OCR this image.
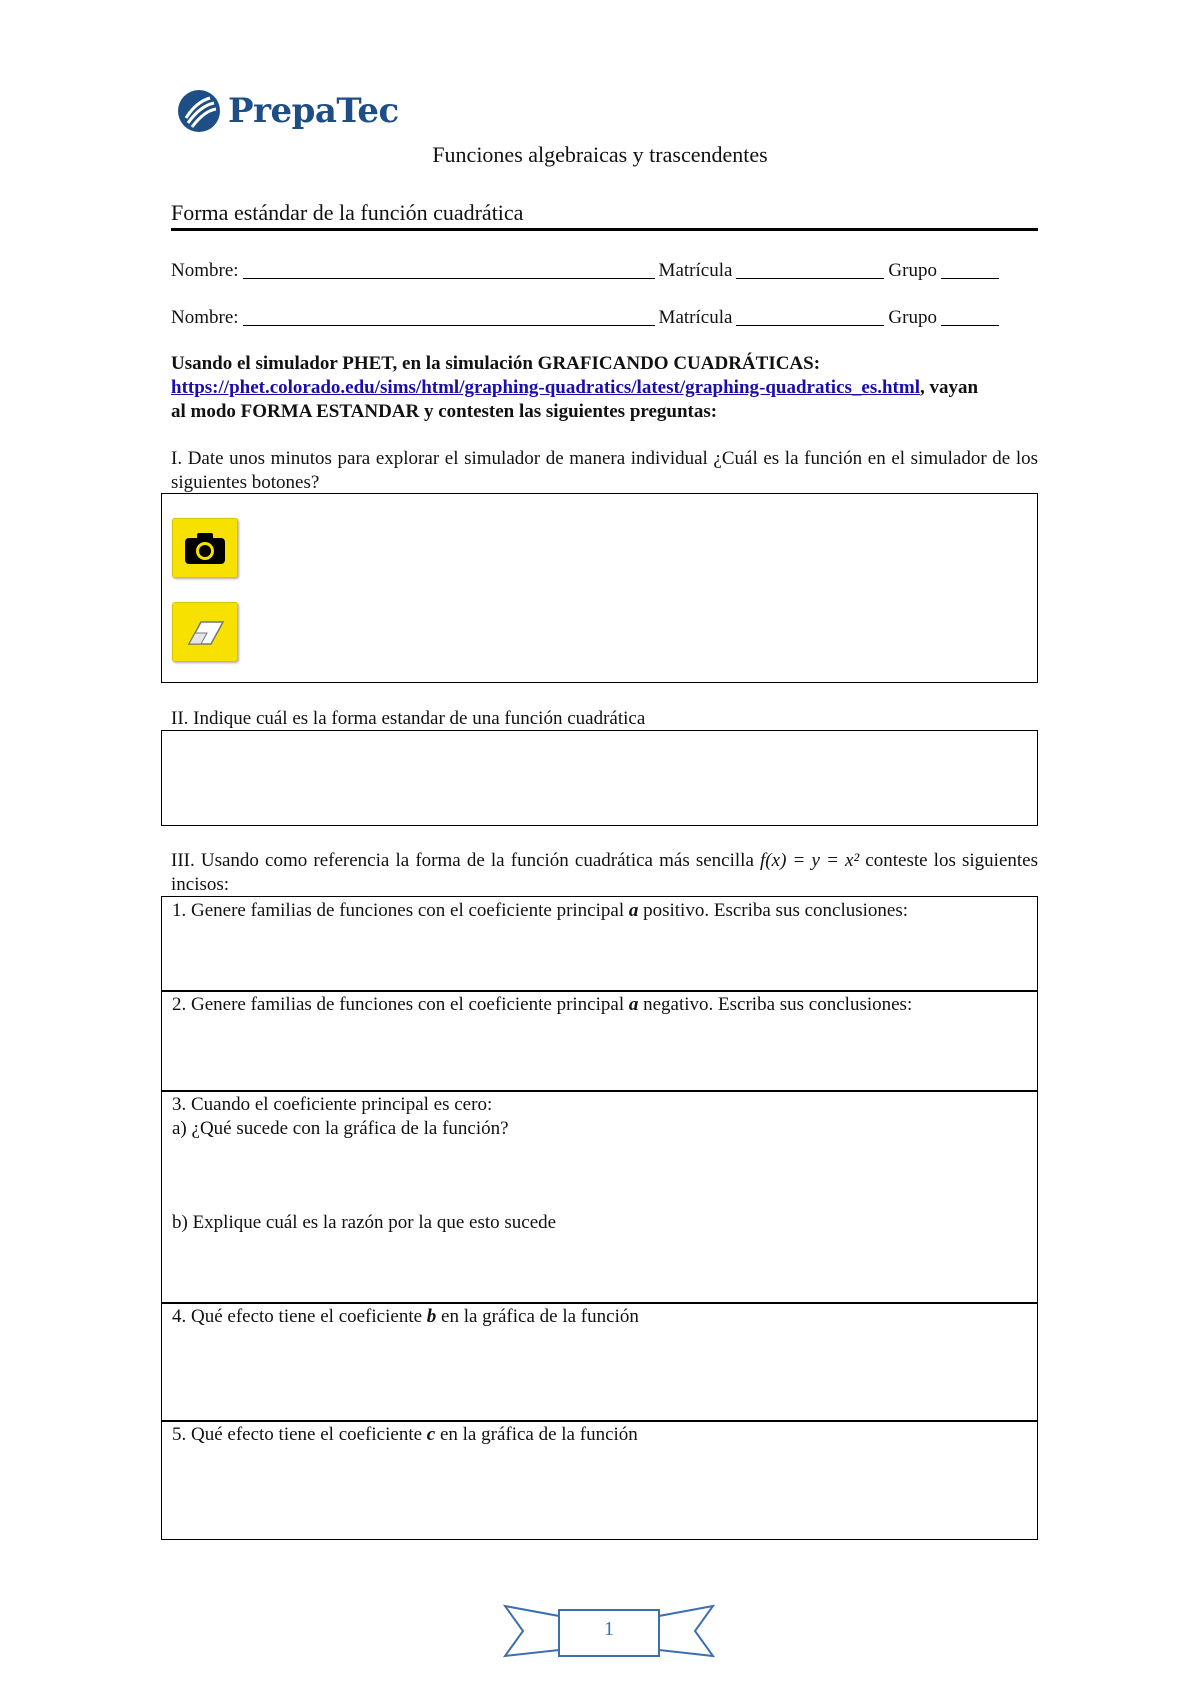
PrepaTec
Funciones algebraicas y trascendentes
Forma estándar de la función cuadrática
Nombre:	Matrícula	Grupo
Nombre:	Matrícula	Grupo
Usando el simulador PHET, en la simulación GRAFICANDO CUADRÁTICAS:
https://phet.colorado.edu/sims/html/graphing-quadratics/latest/graphing-quadratics_es.html, vayan
al modo FORMA ESTANDAR y contesten las siguientes preguntas:
I. Date unos minutos para explorar el simulador de manera individual ¿Cuál es la función en el simulador de los siguientes botones?
II. Indique cuál es la forma estandar de una función cuadrática
III. Usando como referencia la forma de la función cuadrática más sencilla f(x) = y = x² conteste los siguientes incisos:
1. Genere familias de funciones con el coeficiente principal a positivo. Escriba sus conclusiones:
2. Genere familias de funciones con el coeficiente principal a negativo. Escriba sus conclusiones:
3. Cuando el coeficiente principal es cero:
a) ¿Qué sucede con la gráfica de la función?
b) Explique cuál es la razón por la que esto sucede
4. Qué efecto tiene el coeficiente b en la gráfica de la función
5. Qué efecto tiene el coeficiente c en la gráfica de la función
1
